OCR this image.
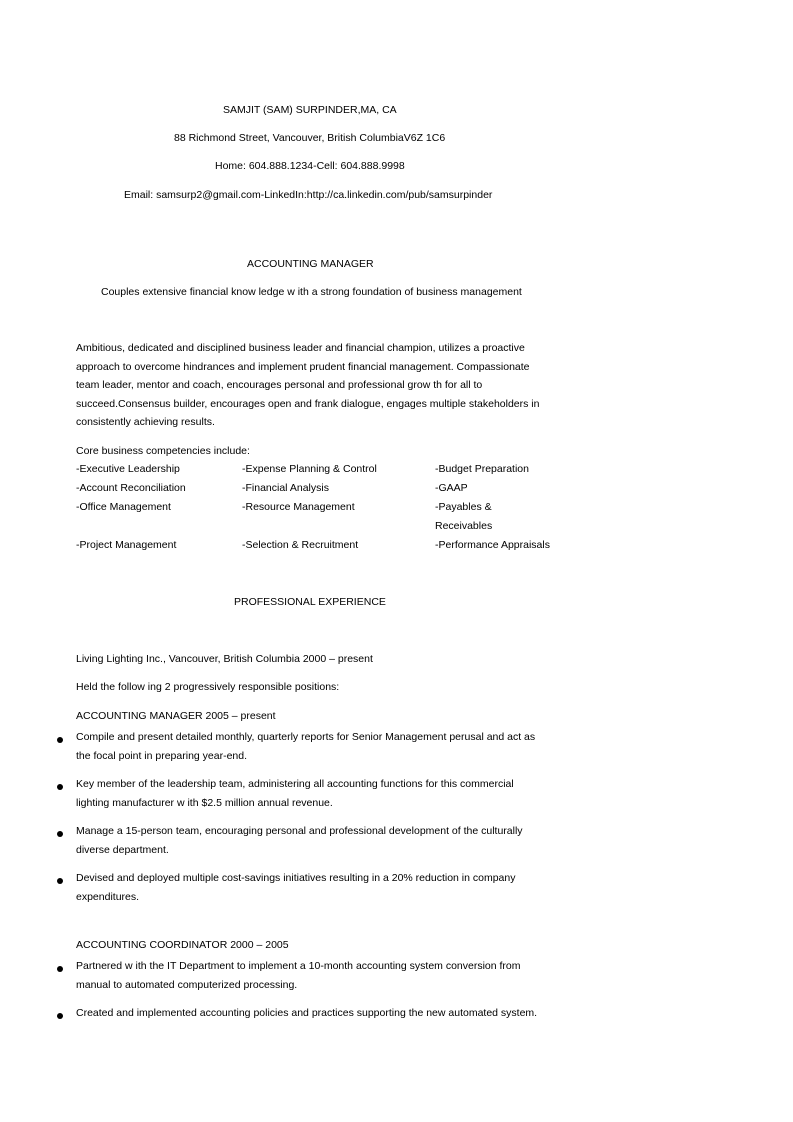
SAMJIT (SAM) SURPINDER,MA, CA
88 Richmond Street, Vancouver, British ColumbiaV6Z 1C6
Home: 604.888.1234-Cell: 604.888.9998
Email: samsurp2@gmail.com-LinkedIn:http://ca.linkedin.com/pub/samsurpinder
ACCOUNTING MANAGER
Couples extensive financial know ledge w ith a strong foundation of business management
Ambitious, dedicated and disciplined business leader and financial champion, utilizes a proactive
approach to overcome hindrances and implement prudent financial management. Compassionate
team leader, mentor and coach, encourages personal and professional grow th for all to
succeed.Consensus builder, encourages open and frank dialogue, engages multiple stakeholders in
consistently achieving results.
Core business competencies include:
-Executive Leadership	-Expense Planning & Control	-Budget Preparation
-Account Reconciliation	-Financial Analysis	-GAAP
-Office Management	-Resource Management	-Payables &
Receivables
-Project Management	-Selection & Recruitment	-Performance Appraisals
PROFESSIONAL EXPERIENCE
Living Lighting Inc., Vancouver, British Columbia 2000 – present
Held the follow ing 2 progressively responsible positions:
ACCOUNTING MANAGER 2005 – present
Compile and present detailed monthly, quarterly reports for Senior Management perusal and act as
the focal point in preparing year-end.
Key member of the leadership team, administering all accounting functions for this commercial
lighting manufacturer w ith $2.5 million annual revenue.
Manage a 15-person team, encouraging personal and professional development of the culturally
diverse department.
Devised and deployed multiple cost-savings initiatives resulting in a 20% reduction in company
expenditures.
ACCOUNTING COORDINATOR 2000 – 2005
Partnered w ith the IT Department to implement a 10-month accounting system conversion from
manual to automated computerized processing.
Created and implemented accounting policies and practices supporting the new automated system.
